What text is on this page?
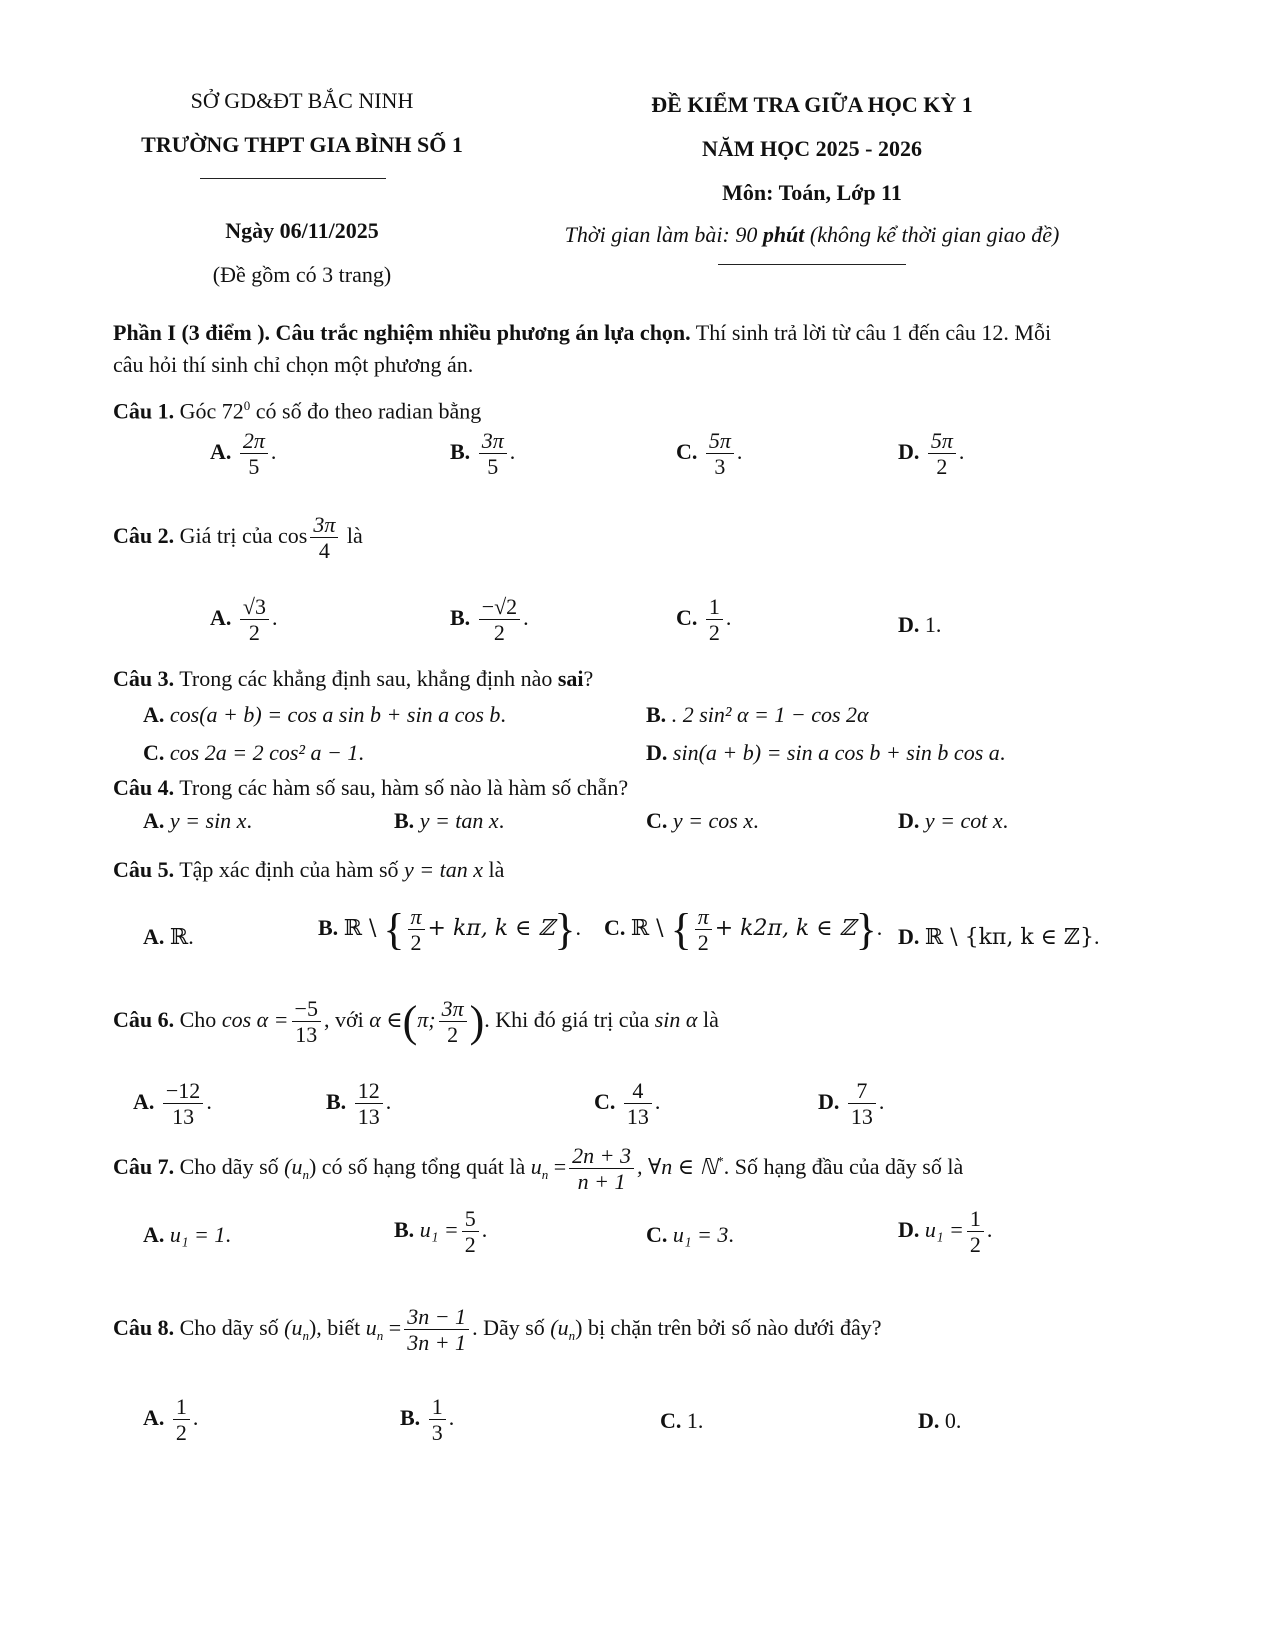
SỞ GD&ĐT BẮC NINH
TRƯỜNG THPT GIA BÌNH SỐ 1
Ngày 06/11/2025
(Đề gồm có 3 trang)
ĐỀ KIỂM TRA GIỮA HỌC KỲ 1
NĂM HỌC 2025 - 2026
Môn: Toán, Lớp 11
Thời gian làm bài: 90 phút (không kể thời gian giao đề)
Phần I (3 điểm ). Câu trắc nghiệm nhiều phương án lựa chọn. Thí sinh trả lời từ câu 1 đến câu 12. Mỗi
câu hỏi thí sinh chỉ chọn một phương án.
Câu 1. Góc $72^0$ có số đo theo radian bằng
A. $\frac{2\pi}{5}$ .	B. $\frac{3\pi}{5}$ .	C. $\frac{5\pi}{3}$ .	D. $\frac{5\pi}{2}$ .
Câu 2. Giá trị của $\cos \frac{3\pi}{4}$ là
A. $\frac{√3}{2}$ .	B. $\frac{-√2}{2}$ .	C. $\frac{1}{2}$ .	D. 1.
Câu 3. Trong các khẳng định sau, khẳng định nào sai?
A. cos(a + b) = cos a sin b + sin a cos b.	B. . 2 sin² α = 1 − cos 2α
C. cos 2a = 2 cos² a − 1.	D. sin(a + b) = sin a cos b + sin b cos a.
Câu 4. Trong các hàm số sau, hàm số nào là hàm số chẵn?
A. y = sin x.	B. y = tan x.	C. y = cos x.	D. y = cot x.
Câu 5. Tập xác định của hàm số y = tan x là
A. ℝ.	B. ℝ \ { $\frac{\pi}{2} + k\pi$, k ∈ ℤ}. C. ℝ \ { $\frac{\pi}{2} + k2\pi$, k ∈ ℤ}. D. ℝ \ {kπ, k ∈ ℤ}.
Câu 6. Cho $\cos \alpha = \frac{-5}{13}$ , với α ∈(π; $\frac{3\pi}{2}$ ). Khi đó giá trị của sin α là
A. $\frac{-12}{13}$ .	B. $\frac{12}{13}$ .	C. $\frac{4}{13}$ .	D. $\frac{7}{13}$ .
Câu 7. Cho dãy số $(u_n)$ có số hạng tổng quát là $u_n = \frac{2n + 3}{n + 1}$ , ∀n ∈ ℕ*. Số hạng đầu của dãy số là
A. u₁ = 1.	B. $u_1 = \frac{5}{2}$ .	C. u₁ = 3.	D. $u_1 = \frac{1}{2}$ .
Câu 8. Cho dãy số $(u_n)$, biết $u_n = \frac{3n - 1}{3n + 1}$ . Dãy số $(u_n)$ bị chặn trên bởi số nào dưới đây?
A. $\frac{1}{2}$ .	B. $\frac{1}{3}$ .	C. 1.	D. 0.
